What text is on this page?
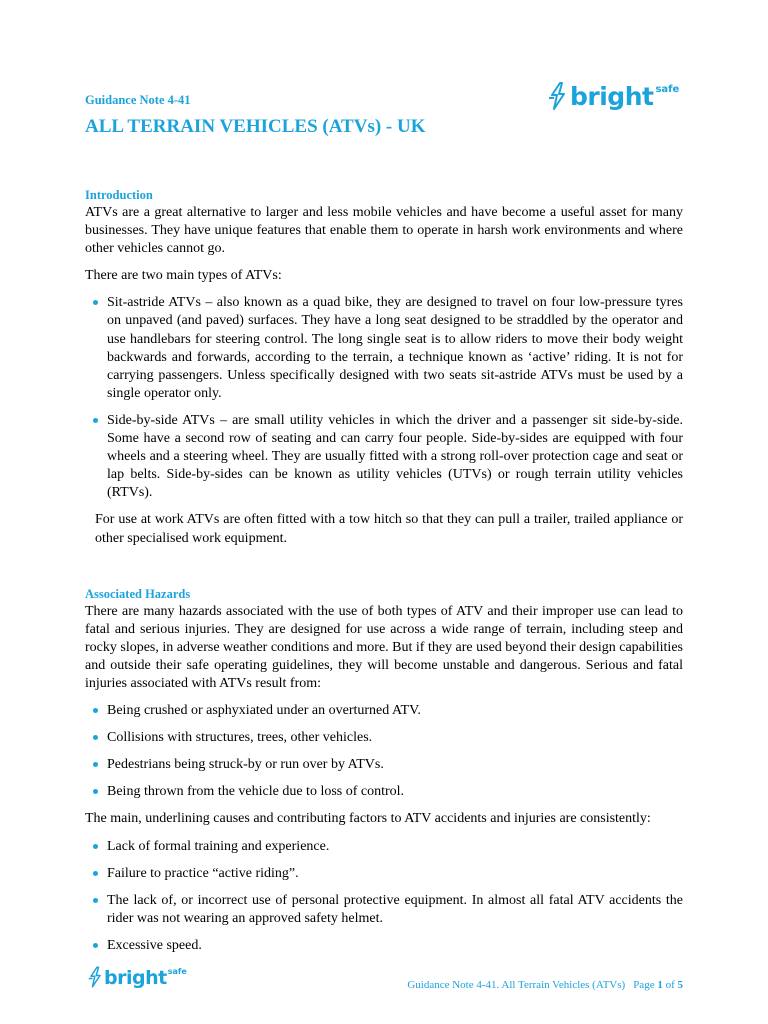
Guidance Note 4-41
ALL TERRAIN VEHICLES (ATVs) - UK
bright safe
Introduction

ATVs are a great alternative to larger and less mobile vehicles and have become a useful asset for many businesses. They have unique features that enable them to operate in harsh work environments and where other vehicles cannot go.

There are two main types of ATVs:

Sit-astride ATVs – also known as a quad bike, they are designed to travel on four low-pressure tyres on unpaved (and paved) surfaces. They have a long seat designed to be straddled by the operator and use handlebars for steering control. The long single seat is to allow riders to move their body weight backwards and forwards, according to the terrain, a technique known as ‘active’ riding. It is not for carrying passengers. Unless specifically designed with two seats sit-astride ATVs must be used by a single operator only.
Side-by-side ATVs – are small utility vehicles in which the driver and a passenger sit side-by-side. Some have a second row of seating and can carry four people. Side-by-sides are equipped with four wheels and a steering wheel. They are usually fitted with a strong roll-over protection cage and seat or lap belts. Side-by-sides can be known as utility vehicles (UTVs) or rough terrain utility vehicles (RTVs).

For use at work ATVs are often fitted with a tow hitch so that they can pull a trailer, trailed appliance or other specialised work equipment.

Associated Hazards

There are many hazards associated with the use of both types of ATV and their improper use can lead to fatal and serious injuries. They are designed for use across a wide range of terrain, including steep and rocky slopes, in adverse weather conditions and more. But if they are used beyond their design capabilities and outside their safe operating guidelines, they will become unstable and dangerous. Serious and fatal injuries associated with ATVs result from:

Being crushed or asphyxiated under an overturned ATV.
Collisions with structures, trees, other vehicles.
Pedestrians being struck-by or run over by ATVs.
Being thrown from the vehicle due to loss of control.

The main, underlining causes and contributing factors to ATV accidents and injuries are consistently:

Lack of formal training and experience.
Failure to practice “active riding”.
The lack of, or incorrect use of personal protective equipment. In almost all fatal ATV accidents the rider was not wearing an approved safety helmet.
Excessive speed.
bright safe
Guidance Note 4-41. All Terrain Vehicles (ATVs) Page 1 of 5
